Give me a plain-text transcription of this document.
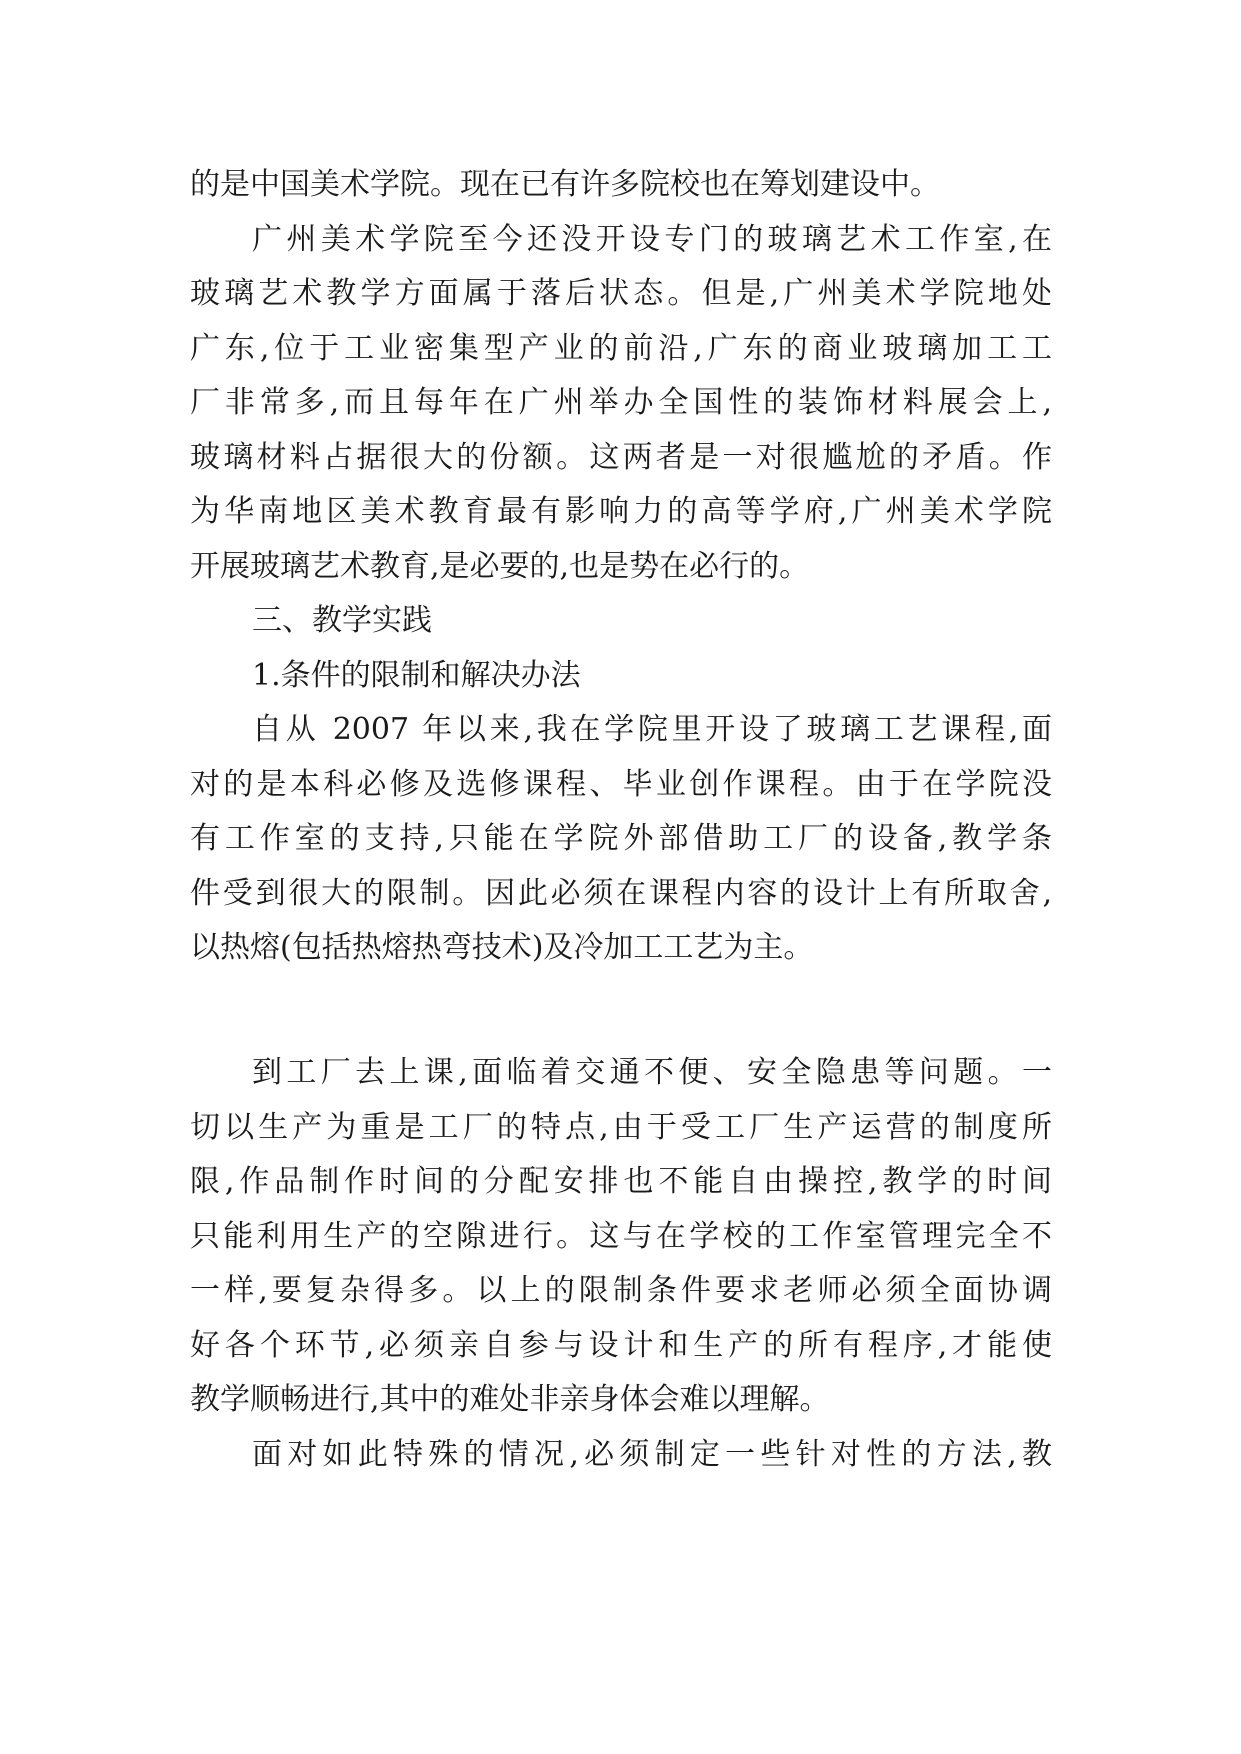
的是中国美术学院。现在已有许多院校也在筹划建设中。
广州美术学院至今还没开设专门的玻璃艺术工作室,在
玻璃艺术教学方面属于落后状态。但是,广州美术学院地处
广东,位于工业密集型产业的前沿,广东的商业玻璃加工工
厂非常多,而且每年在广州举办全国性的装饰材料展会上,
玻璃材料占据很大的份额。这两者是一对很尴尬的矛盾。作
为华南地区美术教育最有影响力的高等学府,广州美术学院
开展玻璃艺术教育,是必要的,也是势在必行的。
三、教学实践
1.条件的限制和解决办法
自从 2007 年以来,我在学院里开设了玻璃工艺课程,面
对的是本科必修及选修课程、毕业创作课程。由于在学院没
有工作室的支持,只能在学院外部借助工厂的设备,教学条
件受到很大的限制。因此必须在课程内容的设计上有所取舍,
以热熔(包括热熔热弯技术)及冷加工工艺为主。
到工厂去上课,面临着交通不便、安全隐患等问题。一
切以生产为重是工厂的特点,由于受工厂生产运营的制度所
限,作品制作时间的分配安排也不能自由操控,教学的时间
只能利用生产的空隙进行。这与在学校的工作室管理完全不
一样,要复杂得多。以上的限制条件要求老师必须全面协调
好各个环节,必须亲自参与设计和生产的所有程序,才能使
教学顺畅进行,其中的难处非亲身体会难以理解。
面对如此特殊的情况,必须制定一些针对性的方法,教
